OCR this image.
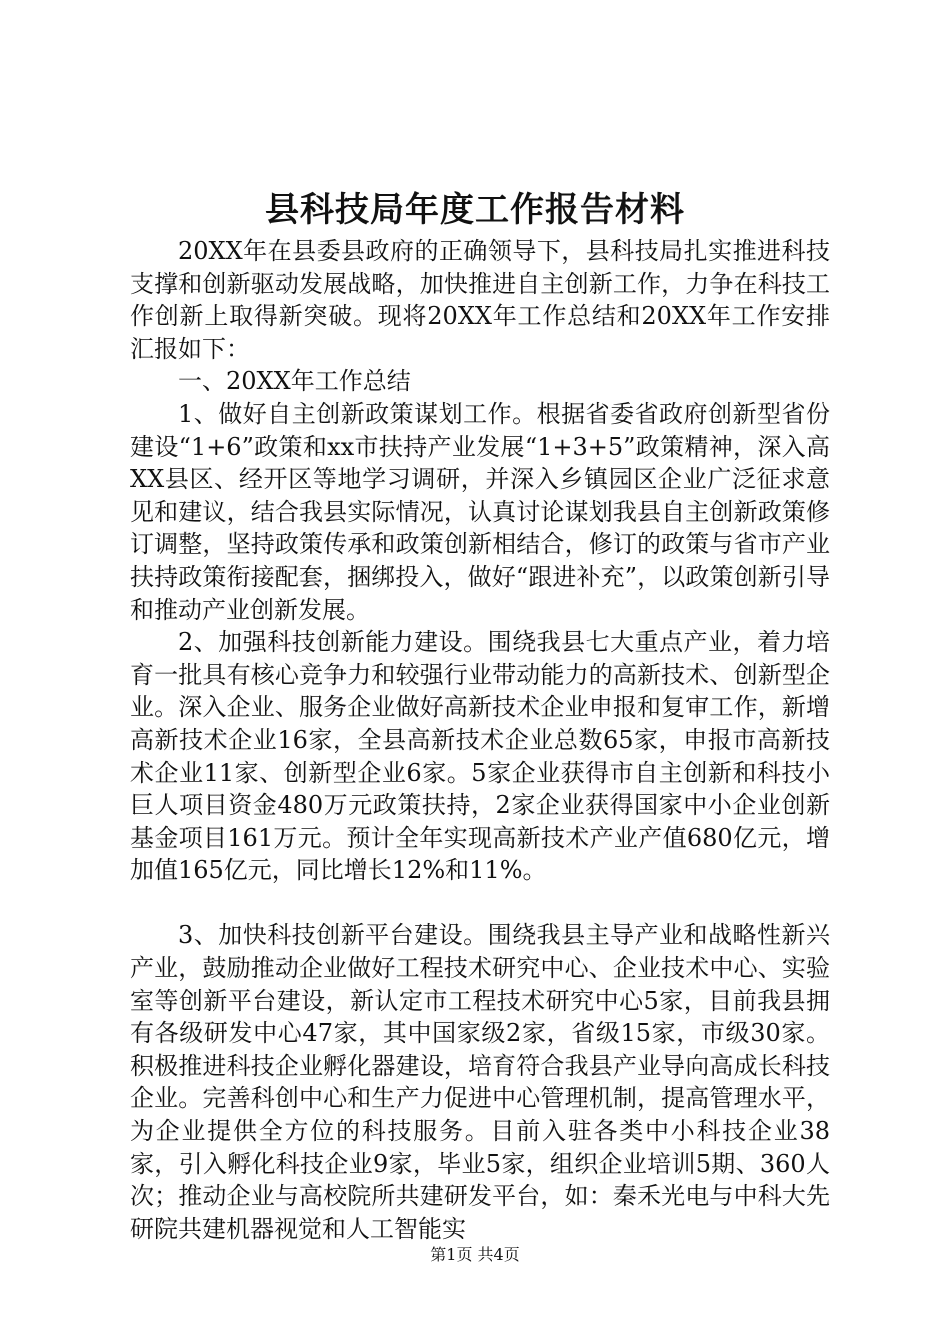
县科技局年度工作报告材料

20XX年在县委县政府的正确领导下，县科技局扎实推进科技支撑和创新驱动发展战略，加快推进自主创新工作，力争在科技工作创新上取得新突破。现将20XX年工作总结和20XX年工作安排汇报如下：

一、20XX年工作总结

1、做好自主创新政策谋划工作。根据省委省政府创新型省份建设“1+6”政策和xx市扶持产业发展“1+3+5”政策精神，深入高XX县区、经开区等地学习调研，并深入乡镇园区企业广泛征求意见和建议，结合我县实际情况，认真讨论谋划我县自主创新政策修订调整，坚持政策传承和政策创新相结合，修订的政策与省市产业扶持政策衔接配套，捆绑投入，做好“跟进补充”，以政策创新引导和推动产业创新发展。

2、加强科技创新能力建设。围绕我县七大重点产业，着力培育一批具有核心竞争力和较强行业带动能力的高新技术、创新型企业。深入企业、服务企业做好高新技术企业申报和复审工作，新增高新技术企业16家，全县高新技术企业总数65家，申报市高新技术企业11家、创新型企业6家。5家企业获得市自主创新和科技小巨人项目资金480万元政策扶持，2家企业获得国家中小企业创新基金项目161万元。预计全年实现高新技术产业产值680亿元，增加值165亿元，同比增长12%和11%。

3、加快科技创新平台建设。围绕我县主导产业和战略性新兴产业，鼓励推动企业做好工程技术研究中心、企业技术中心、实验室等创新平台建设，新认定市工程技术研究中心5家，目前我县拥有各级研发中心47家，其中国家级2家，省级15家，市级30家。积极推进科技企业孵化器建设，培育符合我县产业导向高成长科技企业。完善科创中心和生产力促进中心管理机制，提高管理水平，为企业提供全方位的科技服务。目前入驻各类中小科技企业38家，引入孵化科技企业9家，毕业5家，组织企业培训5期、360人次；推动企业与高校院所共建研发平台，如：秦禾光电与中科大先研院共建机器视觉和人工智能实

第1页 共4页
